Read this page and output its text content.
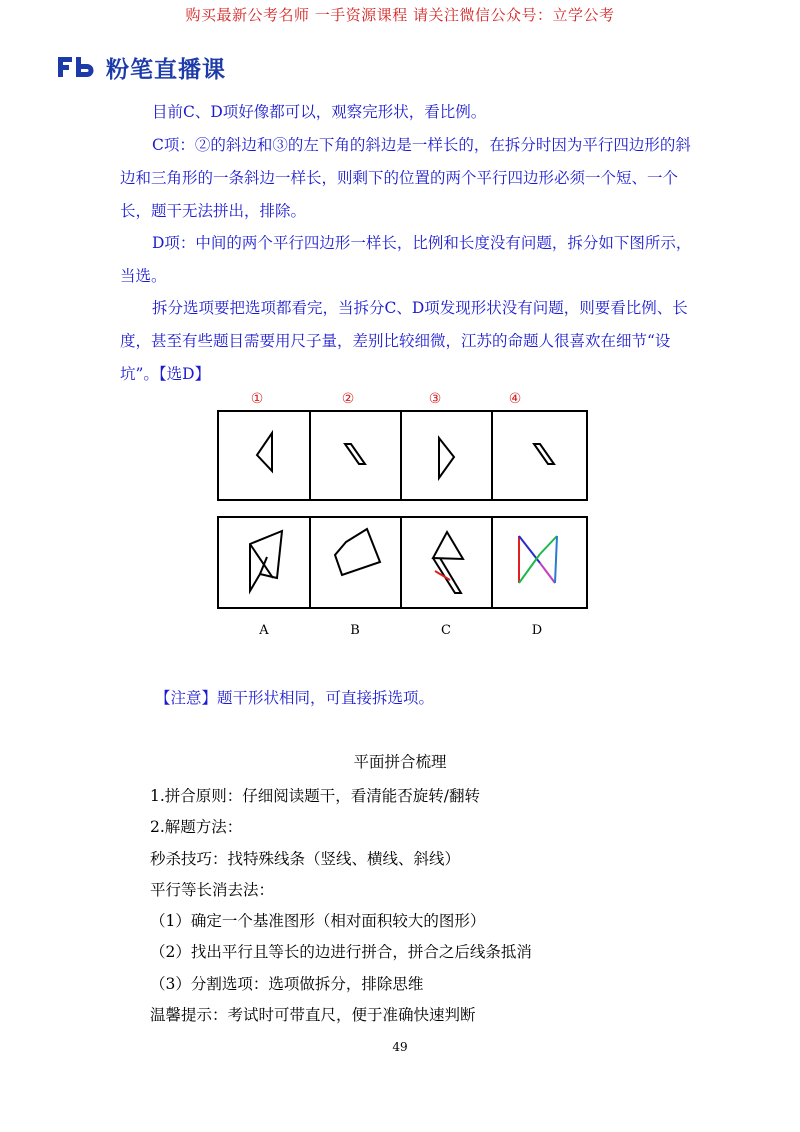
购买最新公考名师 一手资源课程 请关注微信公众号：立学公考
粉笔直播课

目前C、D项好像都可以，观察完形状，看比例。

C项：②的斜边和③的左下角的斜边是一样长的，在拆分时因为平行四边形的斜边和三角形的一条斜边一样长，则剩下的位置的两个平行四边形必须一个短、一个长，题干无法拼出，排除。

D项：中间的两个平行四边形一样长，比例和长度没有问题，拆分如下图所示，当选。

拆分选项要把选项都看完，当拆分C、D项发现形状没有问题，则要看比例、长度，甚至有些题目需要用尺子量，差别比较细微，江苏的命题人很喜欢在细节“设坑”。【选D】

①	②	③	④
A	B	C	D
【注意】题干形状相同，可直接拆选项。
平面拼合梳理
1.拼合原则：仔细阅读题干，看清能否旋转/翻转
2.解题方法：
秒杀技巧：找特殊线条（竖线、横线、斜线）
平行等长消去法：
（1）确定一个基准图形（相对面积较大的图形）
（2）找出平行且等长的边进行拼合，拼合之后线条抵消
（3）分割选项：选项做拆分，排除思维
温馨提示：考试时可带直尺，便于准确快速判断
49
